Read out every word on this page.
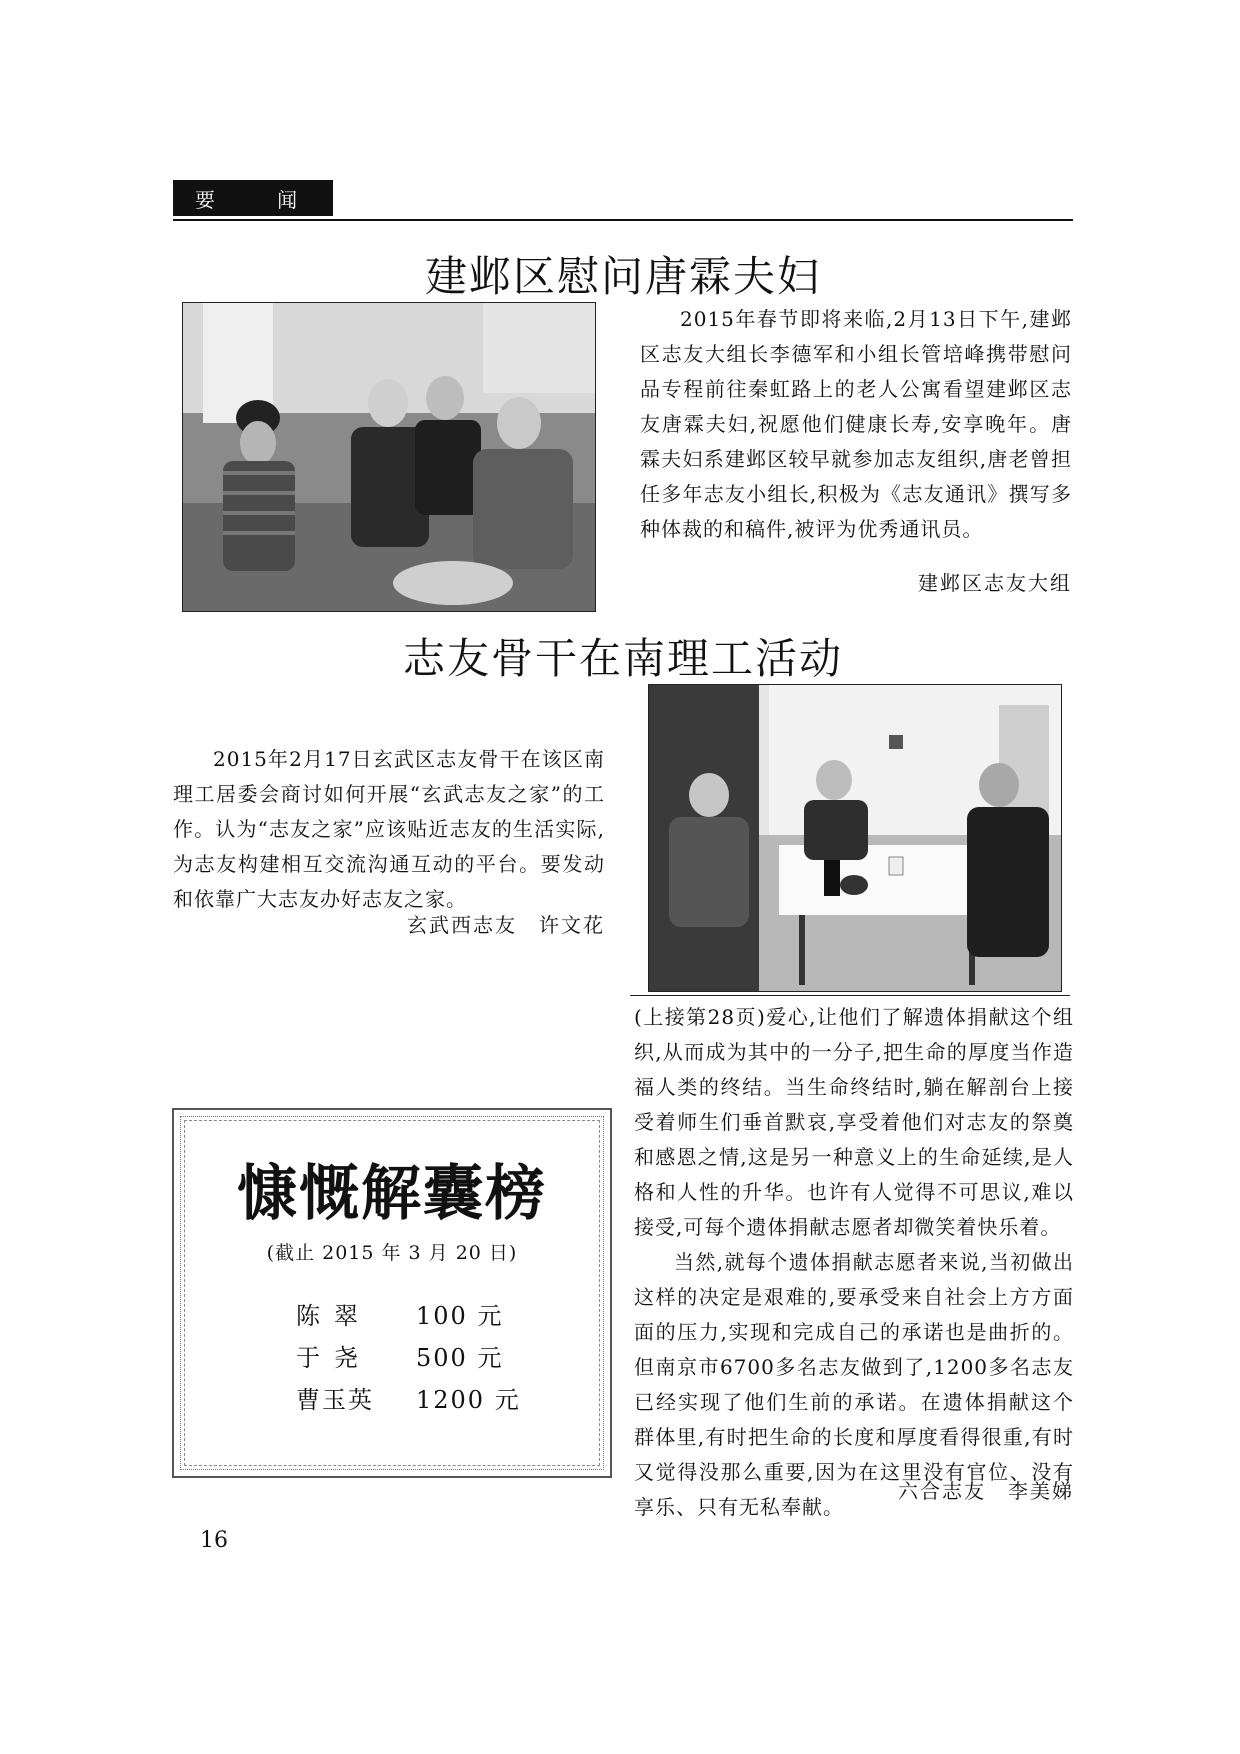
要 闻
建邺区慰问唐霖夫妇

2015年春节即将来临,2月13日下午,建邺区志友大组长李德军和小组长管培峰携带慰问品专程前往秦虹路上的老人公寓看望建邺区志友唐霖夫妇,祝愿他们健康长寿,安享晚年。唐霖夫妇系建邺区较早就参加志友组织,唐老曾担任多年志友小组长,积极为《志友通讯》撰写多种体裁的和稿件,被评为优秀通讯员。

建邺区志友大组
志友骨干在南理工活动

2015年2月17日玄武区志友骨干在该区南理工居委会商讨如何开展“玄武志友之家”的工作。认为“志友之家”应该贴近志友的生活实际,为志友构建相互交流沟通互动的平台。要发动和依靠广大志友办好志友之家。

玄武西志友　许文花

(上接第28页)爱心,让他们了解遗体捐献这个组织,从而成为其中的一分子,把生命的厚度当作造福人类的终结。当生命终结时,躺在解剖台上接受着师生们垂首默哀,享受着他们对志友的祭奠和感恩之情,这是另一种意义上的生命延续,是人格和人性的升华。也许有人觉得不可思议,难以接受,可每个遗体捐献志愿者却微笑着快乐着。

当然,就每个遗体捐献志愿者来说,当初做出这样的决定是艰难的,要承受来自社会上方方面面的压力,实现和完成自己的承诺也是曲折的。但南京市6700多名志友做到了,1200多名志友已经实现了他们生前的承诺。在遗体捐献这个群体里,有时把生命的长度和厚度看得很重,有时又觉得没那么重要,因为在这里没有官位、没有享乐、只有无私奉献。

六合志友　李美娣
慷慨解囊榜
(截止 2015 年 3 月 20 日)
陈翠	100 元
于尧	500 元
曹玉英	1200 元
16
